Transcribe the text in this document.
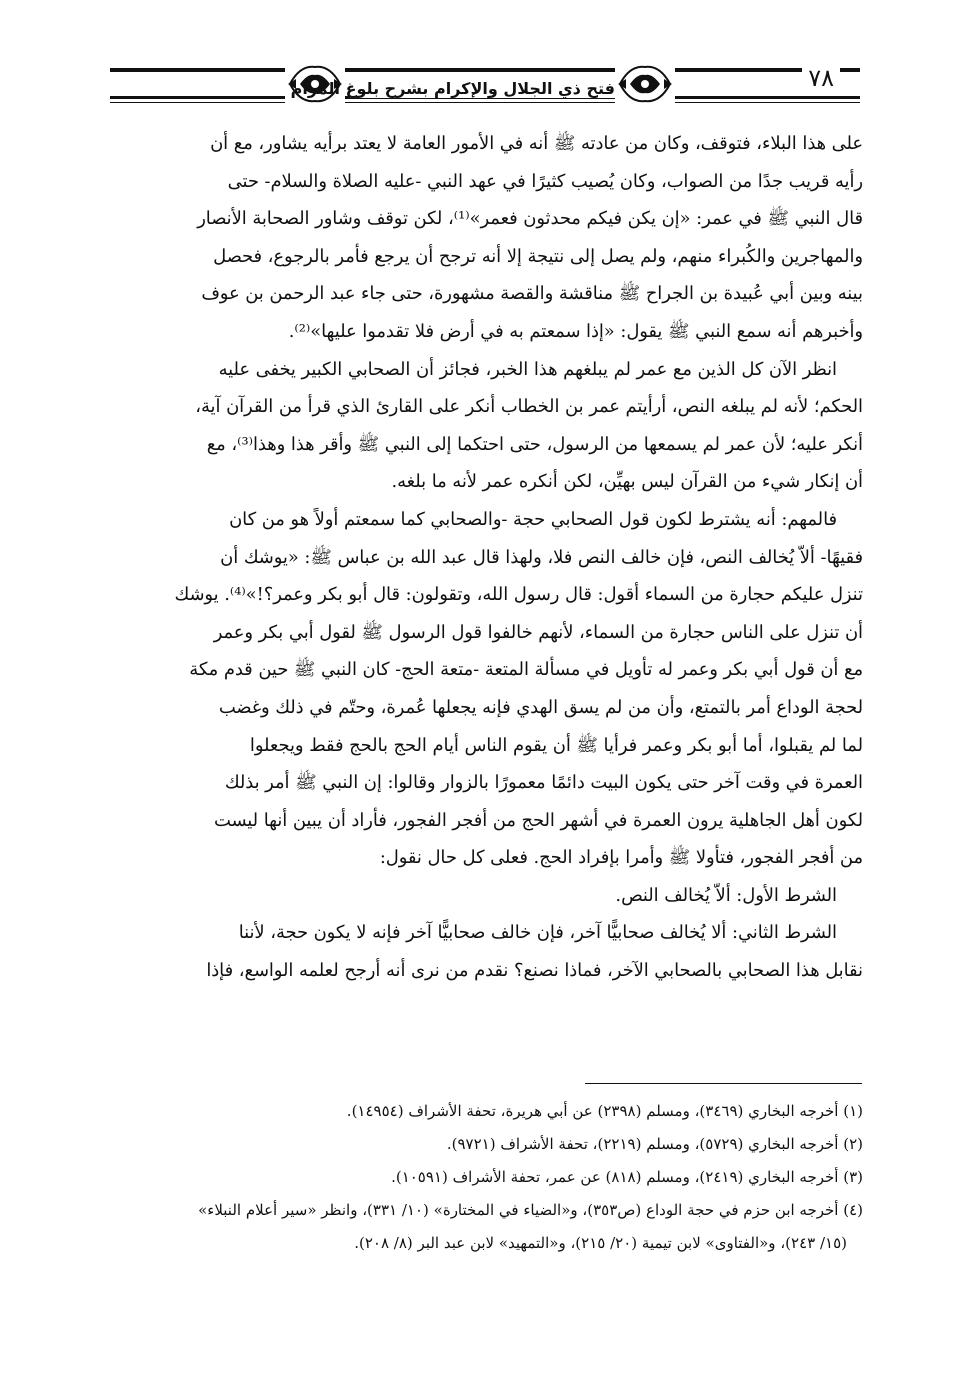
فتح ذي الجلال والإكرام بشرح بلوغ المرام	٧٨

على هذا البلاء، فتوقف، وكان من عادته ﷺ أنه في الأمور العامة لا يعتد برأيه يشاور، مع أن

رأيه قريب جدًا من الصواب، وكان يُصيب كثيرًا في عهد النبي -عليه الصلاة والسلام- حتى

قال النبي ﷺ في عمر: «إن يكن فيكم محدثون فعمر»⁽¹⁾، لكن توقف وشاور الصحابة الأنصار

والمهاجرين والكُبراء منهم، ولم يصل إلى نتيجة إلا أنه ترجح أن يرجع فأمر بالرجوع، فحصل

بينه وبين أبي عُبيدة بن الجراح ﷺ مناقشة والقصة مشهورة، حتى جاء عبد الرحمن بن عوف

وأخبرهم أنه سمع النبي ﷺ يقول: «إذا سمعتم به في أرض فلا تقدموا عليها»⁽²⁾.

انظر الآن كل الذين مع عمر لم يبلغهم هذا الخبر، فجائز أن الصحابي الكبير يخفى عليه

الحكم؛ لأنه لم يبلغه النص، أرأيتم عمر بن الخطاب أنكر على القارئ الذي قرأ من القرآن آية،

أنكر عليه؛ لأن عمر لم يسمعها من الرسول، حتى احتكما إلى النبي ﷺ وأقر هذا وهذا⁽³⁾، مع

أن إنكار شيء من القرآن ليس بهيِّن، لكن أنكره عمر لأنه ما بلغه.

فالمهم: أنه يشترط لكون قول الصحابي حجة -والصحابي كما سمعتم أولاً هو من كان

فقيهًا- ألاّ يُخالف النص، فإن خالف النص فلا، ولهذا قال عبد الله بن عباس ﷺ: «يوشك أن

تنزل عليكم حجارة من السماء أقول: قال رسول الله، وتقولون: قال أبو بكر وعمر؟!»⁽⁴⁾. يوشك

أن تنزل على الناس حجارة من السماء، لأنهم خالفوا قول الرسول ﷺ لقول أبي بكر وعمر

مع أن قول أبي بكر وعمر له تأويل في مسألة المتعة -متعة الحج- كان النبي ﷺ حين قدم مكة

لحجة الوداع أمر بالتمتع، وأن من لم يسق الهدي فإنه يجعلها عُمرة، وحتّم في ذلك وغضب

لما لم يقبلوا، أما أبو بكر وعمر فرأيا ﷺ أن يقوم الناس أيام الحج بالحج فقط ويجعلوا

العمرة في وقت آخر حتى يكون البيت دائمًا معمورًا بالزوار وقالوا: إن النبي ﷺ أمر بذلك

لكون أهل الجاهلية يرون العمرة في أشهر الحج من أفجر الفجور، فأراد أن يبين أنها ليست

من أفجر الفجور، فتأولا ﷺ وأمرا بإفراد الحج. فعلى كل حال نقول:

الشرط الأول: ألاّ يُخالف النص.

الشرط الثاني: ألا يُخالف صحابيًّا آخر، فإن خالف صحابيًّا آخر فإنه لا يكون حجة، لأننا

نقابل هذا الصحابي بالصحابي الآخر، فماذا نصنع؟ نقدم من نرى أنه أرجح لعلمه الواسع، فإذا

(١) أخرجه البخاري (٣٤٦٩)، ومسلم (٢٣٩٨) عن أبي هريرة، تحفة الأشراف (١٤٩٥٤).

(٢) أخرجه البخاري (٥٧٢٩)، ومسلم (٢٢١٩)، تحفة الأشراف (٩٧٢١).

(٣) أخرجه البخاري (٢٤١٩)، ومسلم (٨١٨) عن عمر، تحفة الأشراف (١٠٥٩١).

(٤) أخرجه ابن حزم في حجة الوداع (ص٣٥٣)، و«الضياء في المختارة» (١٠/ ٣٣١)، وانظر «سير أعلام النبلاء»

(١٥/ ٢٤٣)، و«الفتاوى» لابن تيمية (٢٠/ ٢١٥)، و«التمهيد» لابن عبد البر (٨/ ٢٠٨).
